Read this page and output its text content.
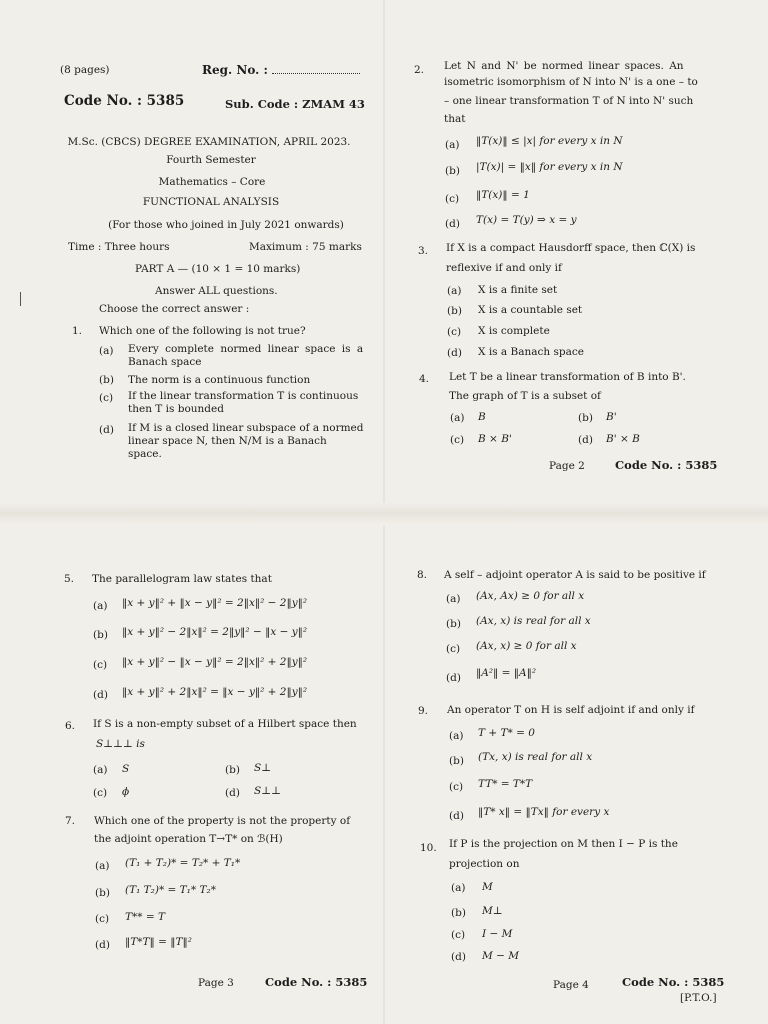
(8 pages)	Reg. No. :
Code No. : 5385	Sub. Code : ZMAM 43
M.Sc. (CBCS) DEGREE EXAMINATION, APRIL 2023.
Fourth Semester
Mathematics – Core
FUNCTIONAL ANALYSIS
(For those who joined in July 2021 onwards)
Time : Three hours	Maximum : 75 marks
PART A — (10 × 1 = 10 marks)
Answer ALL questions.
Choose the correct answer :
1. Which one of the following is not true?
(a) Every complete normed linear space is a
Banach space
(b) The norm is a continuous function
(c) If the linear transformation T is continuous
then T is bounded
(d) If M is a closed linear subspace of a normed
linear space N, then N/M is a Banach
space.
2. Let N and N' be normed linear spaces. An
isometric isomorphism of N into N' is a one – to
– one linear transformation T of N into N' such
that
(a) ‖T(x)‖ ≤ |x| for every x in N
(b) |T(x)| = ‖x‖ for every x in N
(c) ‖T(x)‖ = 1
(d) T(x) = T(y) ⇒ x = y
3. If X is a compact Hausdorff space, then ℂ(X) is
reflexive if and only if
(a) X is a finite set
(b) X is a countable set
(c) X is complete
(d) X is a Banach space
4. Let T be a linear transformation of B into B'.
The graph of T is a subset of
(a) B	(b) B'
(c) B × B'	(d) B' × B
Page 2	Code No. : 5385
5. The parallelogram law states that
(a) ‖x + y‖² + ‖x − y‖² = 2‖x‖² − 2‖y‖²
(b) ‖x + y‖² − 2‖x‖² = 2‖y‖² − ‖x − y‖²
(c) ‖x + y‖² − ‖x − y‖² = 2‖x‖² + 2‖y‖²
(d) ‖x + y‖² + 2‖x‖² = ‖x − y‖² + 2‖y‖²
6. If S is a non-empty subset of a Hilbert space then
S⊥⊥⊥ is
(a) S	(b) S⊥
(c) ϕ	(d) S⊥⊥
7. Which one of the property is not the property of
the adjoint operation T→T* on ℬ(H)
(a) (T₁ + T₂)* = T₂* + T₁*
(b) (T₁ T₂)* = T₁* T₂*
(c) T** = T
(d) ‖T*T‖ = ‖T‖²
Page 3	Code No. : 5385
8. A self – adjoint operator A is said to be positive if
(a) (Ax, Ax) ≥ 0 for all x
(b) (Ax, x) is real for all x
(c) (Ax, x) ≥ 0 for all x
(d) ‖A²‖ = ‖A‖²
9. An operator T on H is self adjoint if and only if
(a) T + T* = 0
(b) (Tx, x) is real for all x
(c) TT* = T*T
(d) ‖T* x‖ = ‖Tx‖ for every x
10. If P is the projection on M then I − P is the
projection on
(a) M
(b) M⊥
(c) I − M
(d) M − M
Page 4	Code No. : 5385
[P.T.O.]
